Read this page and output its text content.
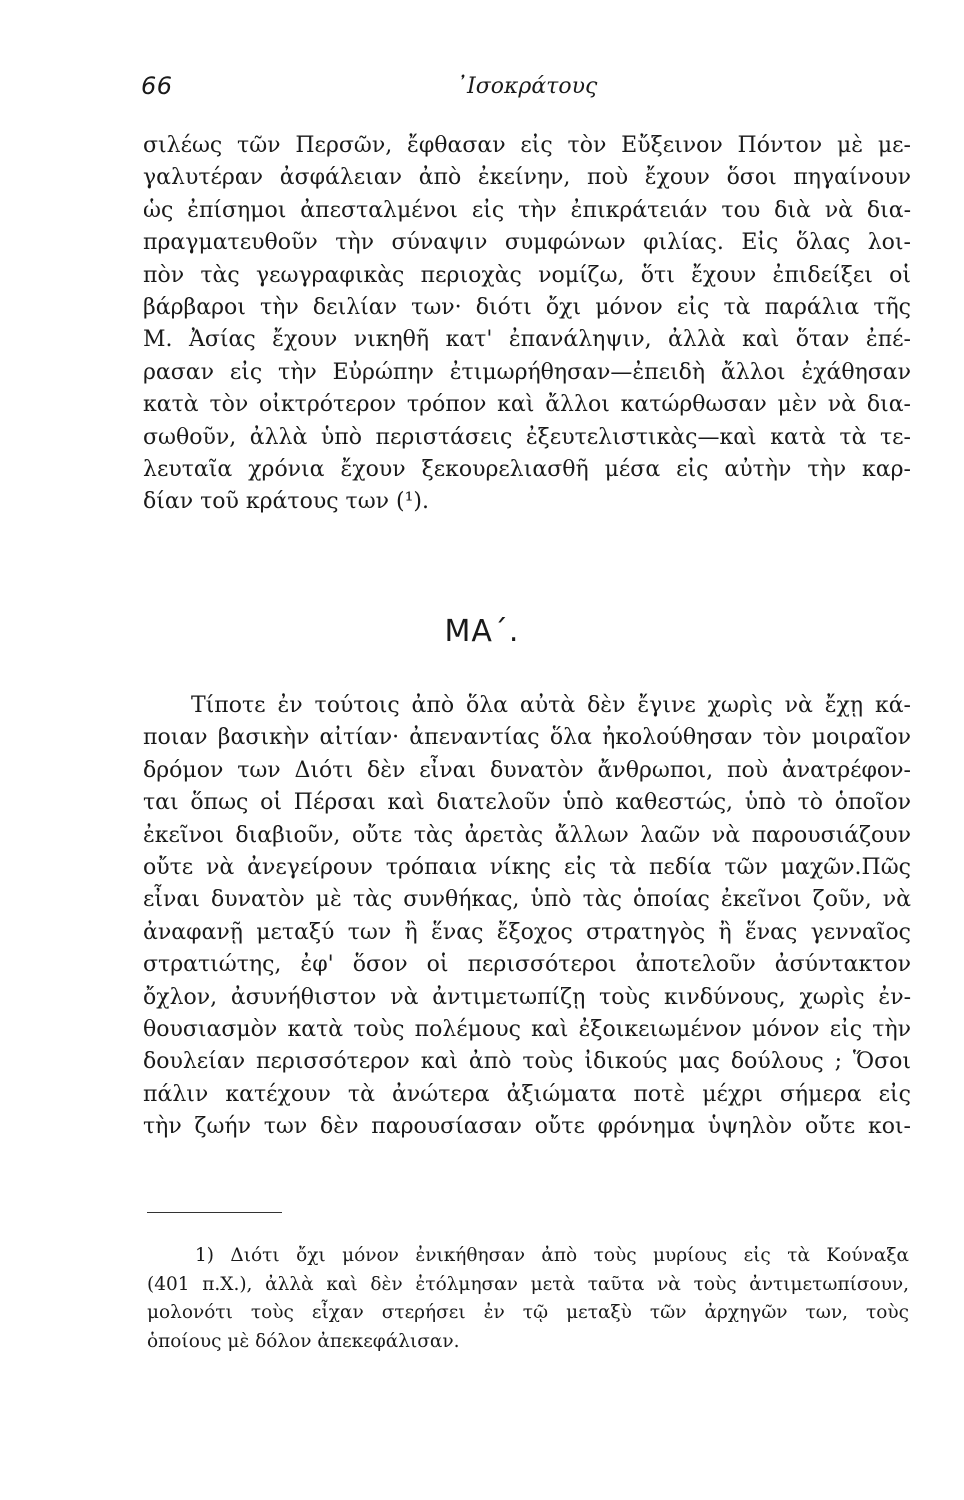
66	᾿Ισοκράτους
σιλέως τῶν Περσῶν, ἔφθασαν εἰς τὸν Εὔξεινον Πόντον μὲ με-
γαλυτέραν ἀσφάλειαν ἀπὸ ἐκείνην, ποὺ ἔχουν ὅσοι πηγαίνουν
ὡς ἐπίσημοι ἀπεσταλμένοι εἰς τὴν ἐπικράτειάν του διὰ νὰ δια-
πραγματευθοῦν τὴν σύναψιν συμφώνων φιλίας. Εἰς ὅλας λοι-
πὸν τὰς γεωγραφικὰς περιοχὰς νομίζω, ὅτι ἔχουν ἐπιδείξει οἱ
βάρβαροι τὴν δειλίαν των· διότι ὄχι μόνον εἰς τὰ παράλια τῆς
Μ. Ἀσίας ἔχουν νικηθῆ κατ' ἐπανάληψιν, ἀλλὰ καὶ ὅταν ἐπέ-
ρασαν εἰς τὴν Εὐρώπην ἐτιμωρήθησαν—ἐπειδὴ ἄλλοι ἐχάθησαν
κατὰ τὸν οἰκτρότερον τρόπον καὶ ἄλλοι κατώρθωσαν μὲν νὰ δια-
σωθοῦν, ἀλλὰ ὑπὸ περιστάσεις ἐξευτελιστικὰς—καὶ κατὰ τὰ τε-
λευταῖα χρόνια ἔχουν ξεκουρελιασθῆ μέσα εἰς αὐτὴν τὴν καρ-
δίαν τοῦ κράτους των (¹).
ΜΑ΄.
Τίποτε ἐν τούτοις ἀπὸ ὅλα αὐτὰ δὲν ἔγινε χωρὶς νὰ ἔχῃ κά-
ποιαν βασικὴν αἰτίαν· ἀπεναντίας ὅλα ἠκολούθησαν τὸν μοιραῖον
δρόμον των Διότι δὲν εἶναι δυνατὸν ἄνθρωποι, ποὺ ἀνατρέφον-
ται ὅπως οἱ Πέρσαι καὶ διατελοῦν ὑπὸ καθεστώς, ὑπὸ τὸ ὁποῖον
ἐκεῖνοι διαβιοῦν, οὔτε τὰς ἀρετὰς ἄλλων λαῶν νὰ παρουσιάζουν
οὔτε νὰ ἀνεγείρουν τρόπαια νίκης εἰς τὰ πεδία τῶν μαχῶν.Πῶς
εἶναι δυνατὸν μὲ τὰς συνθήκας, ὑπὸ τὰς ὁποίας ἐκεῖνοι ζοῦν, νὰ
ἀναφανῇ μεταξύ των ἢ ἕνας ἔξοχος στρατηγὸς ἢ ἕνας γενναῖος
στρατιώτης, ἐφ' ὅσον οἱ περισσότεροι ἀποτελοῦν ἀσύντακτον
ὄχλον, ἀσυνήθιστον νὰ ἀντιμετωπίζῃ τοὺς κινδύνους, χωρὶς ἐν-
θουσιασμὸν κατὰ τοὺς πολέμους καὶ ἐξοικειωμένον μόνον εἰς τὴν
δουλείαν περισσότερον καὶ ἀπὸ τοὺς ἰδικούς μας δούλους ; Ὅσοι
πάλιν κατέχουν τὰ ἀνώτερα ἀξιώματα ποτὲ μέχρι σήμερα εἰς
τὴν ζωήν των δὲν παρουσίασαν οὔτε φρόνημα ὑψηλὸν οὔτε κοι-
1) Διότι ὄχι μόνον ἐνικήθησαν ἀπὸ τοὺς μυρίους εἰς τὰ Κούναξα
(401 π.Χ.), ἀλλὰ καὶ δὲν ἐτόλμησαν μετὰ ταῦτα νὰ τοὺς ἀντιμετωπίσουν,
μολονότι τοὺς εἶχαν στερήσει ἐν τῷ μεταξὺ τῶν ἀρχηγῶν των, τοὺς
ὁποίους μὲ δόλον ἀπεκεφάλισαν.
